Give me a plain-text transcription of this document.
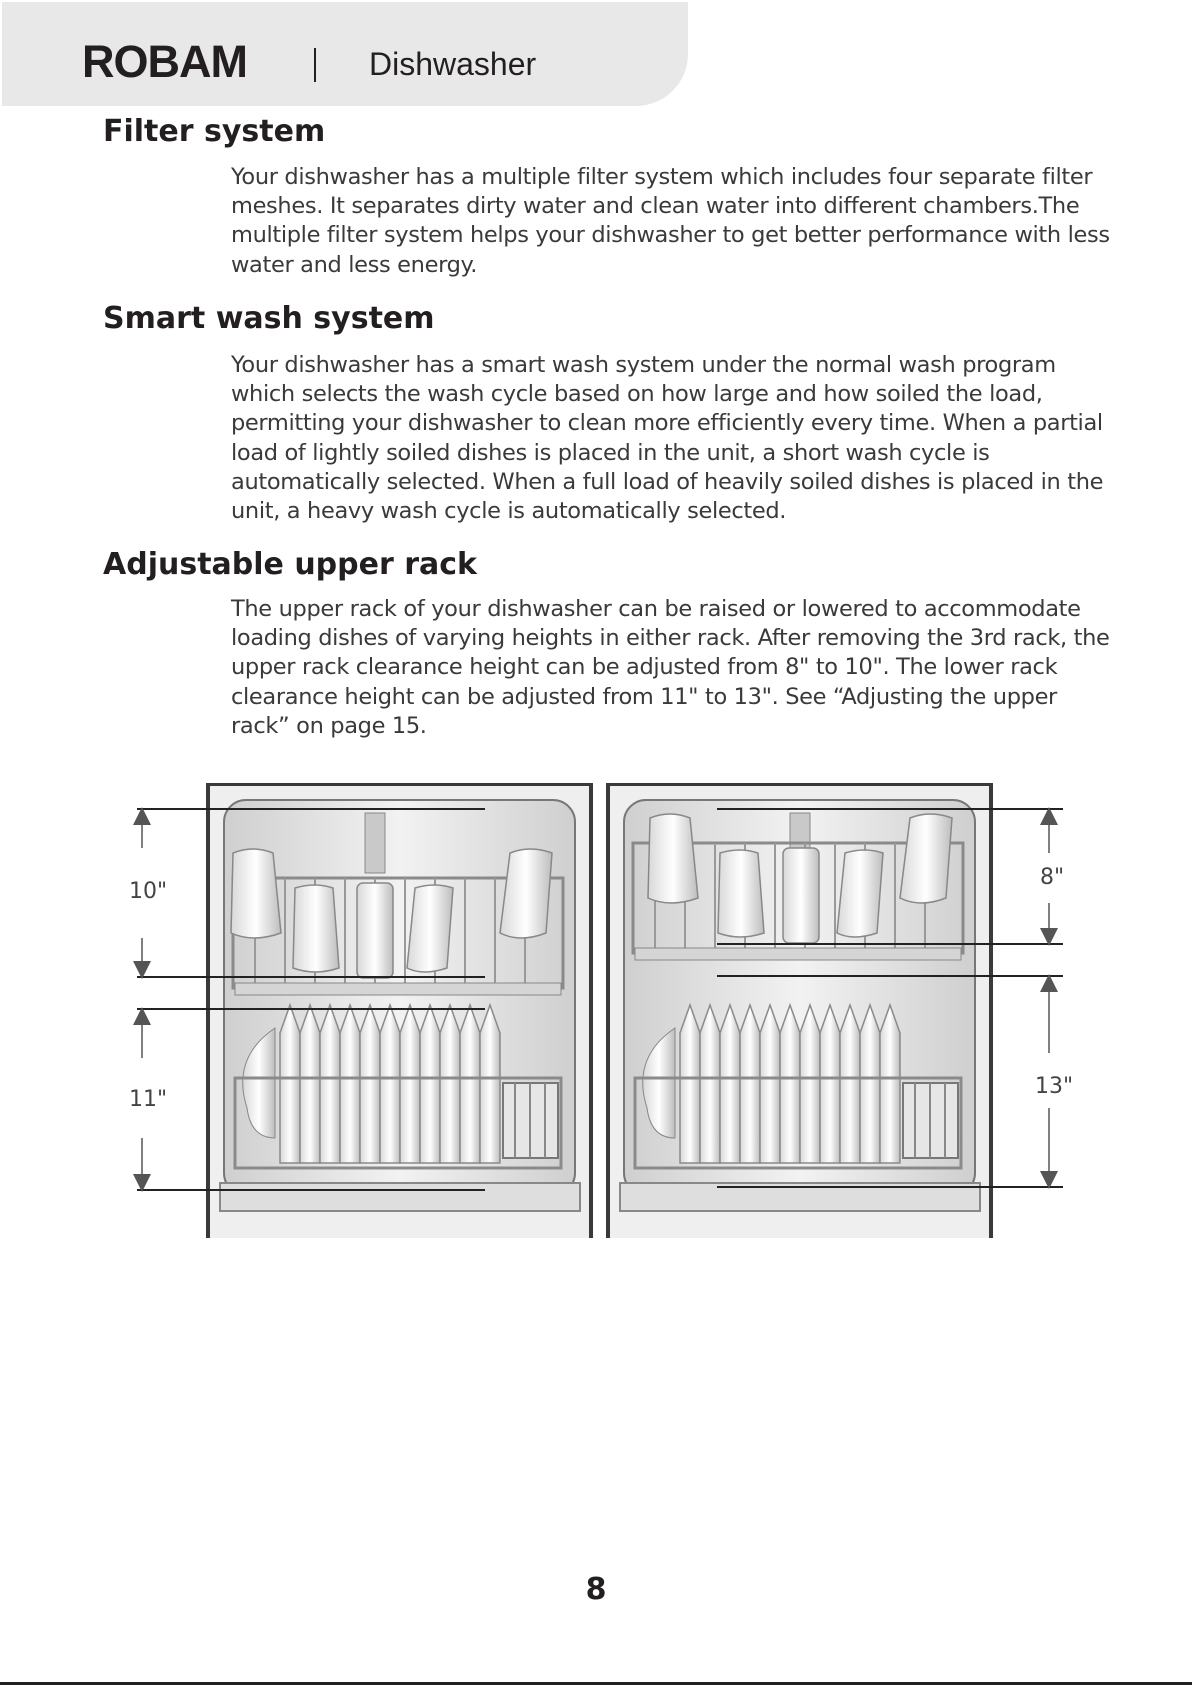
ROBAM	Dishwasher
Filter system

Your dishwasher has a multiple filter system which includes four separate filter meshes. It separates dirty water and clean water into different chambers.The multiple filter system helps your dishwasher to get better performance with less water and less energy.

Smart wash system

Your dishwasher has a smart wash system under the normal wash program which selects the wash cycle based on how large and how soiled the load, permitting your dishwasher to clean more efficiently every time. When a partial load of lightly soiled dishes is placed in the unit, a short wash cycle is automatically selected. When a full load of heavily soiled dishes is placed in the unit, a heavy wash cycle is automatically selected.

Adjustable upper rack

The upper rack of your dishwasher can be raised or lowered to accommodate loading dishes of varying heights in either rack. After removing the 3rd rack, the upper rack clearance height can be adjusted from 8" to 10". The lower rack clearance height can be adjusted from 11" to 13". See “Adjusting the upper rack” on page 15.

10"
11"
8"
13"
8
